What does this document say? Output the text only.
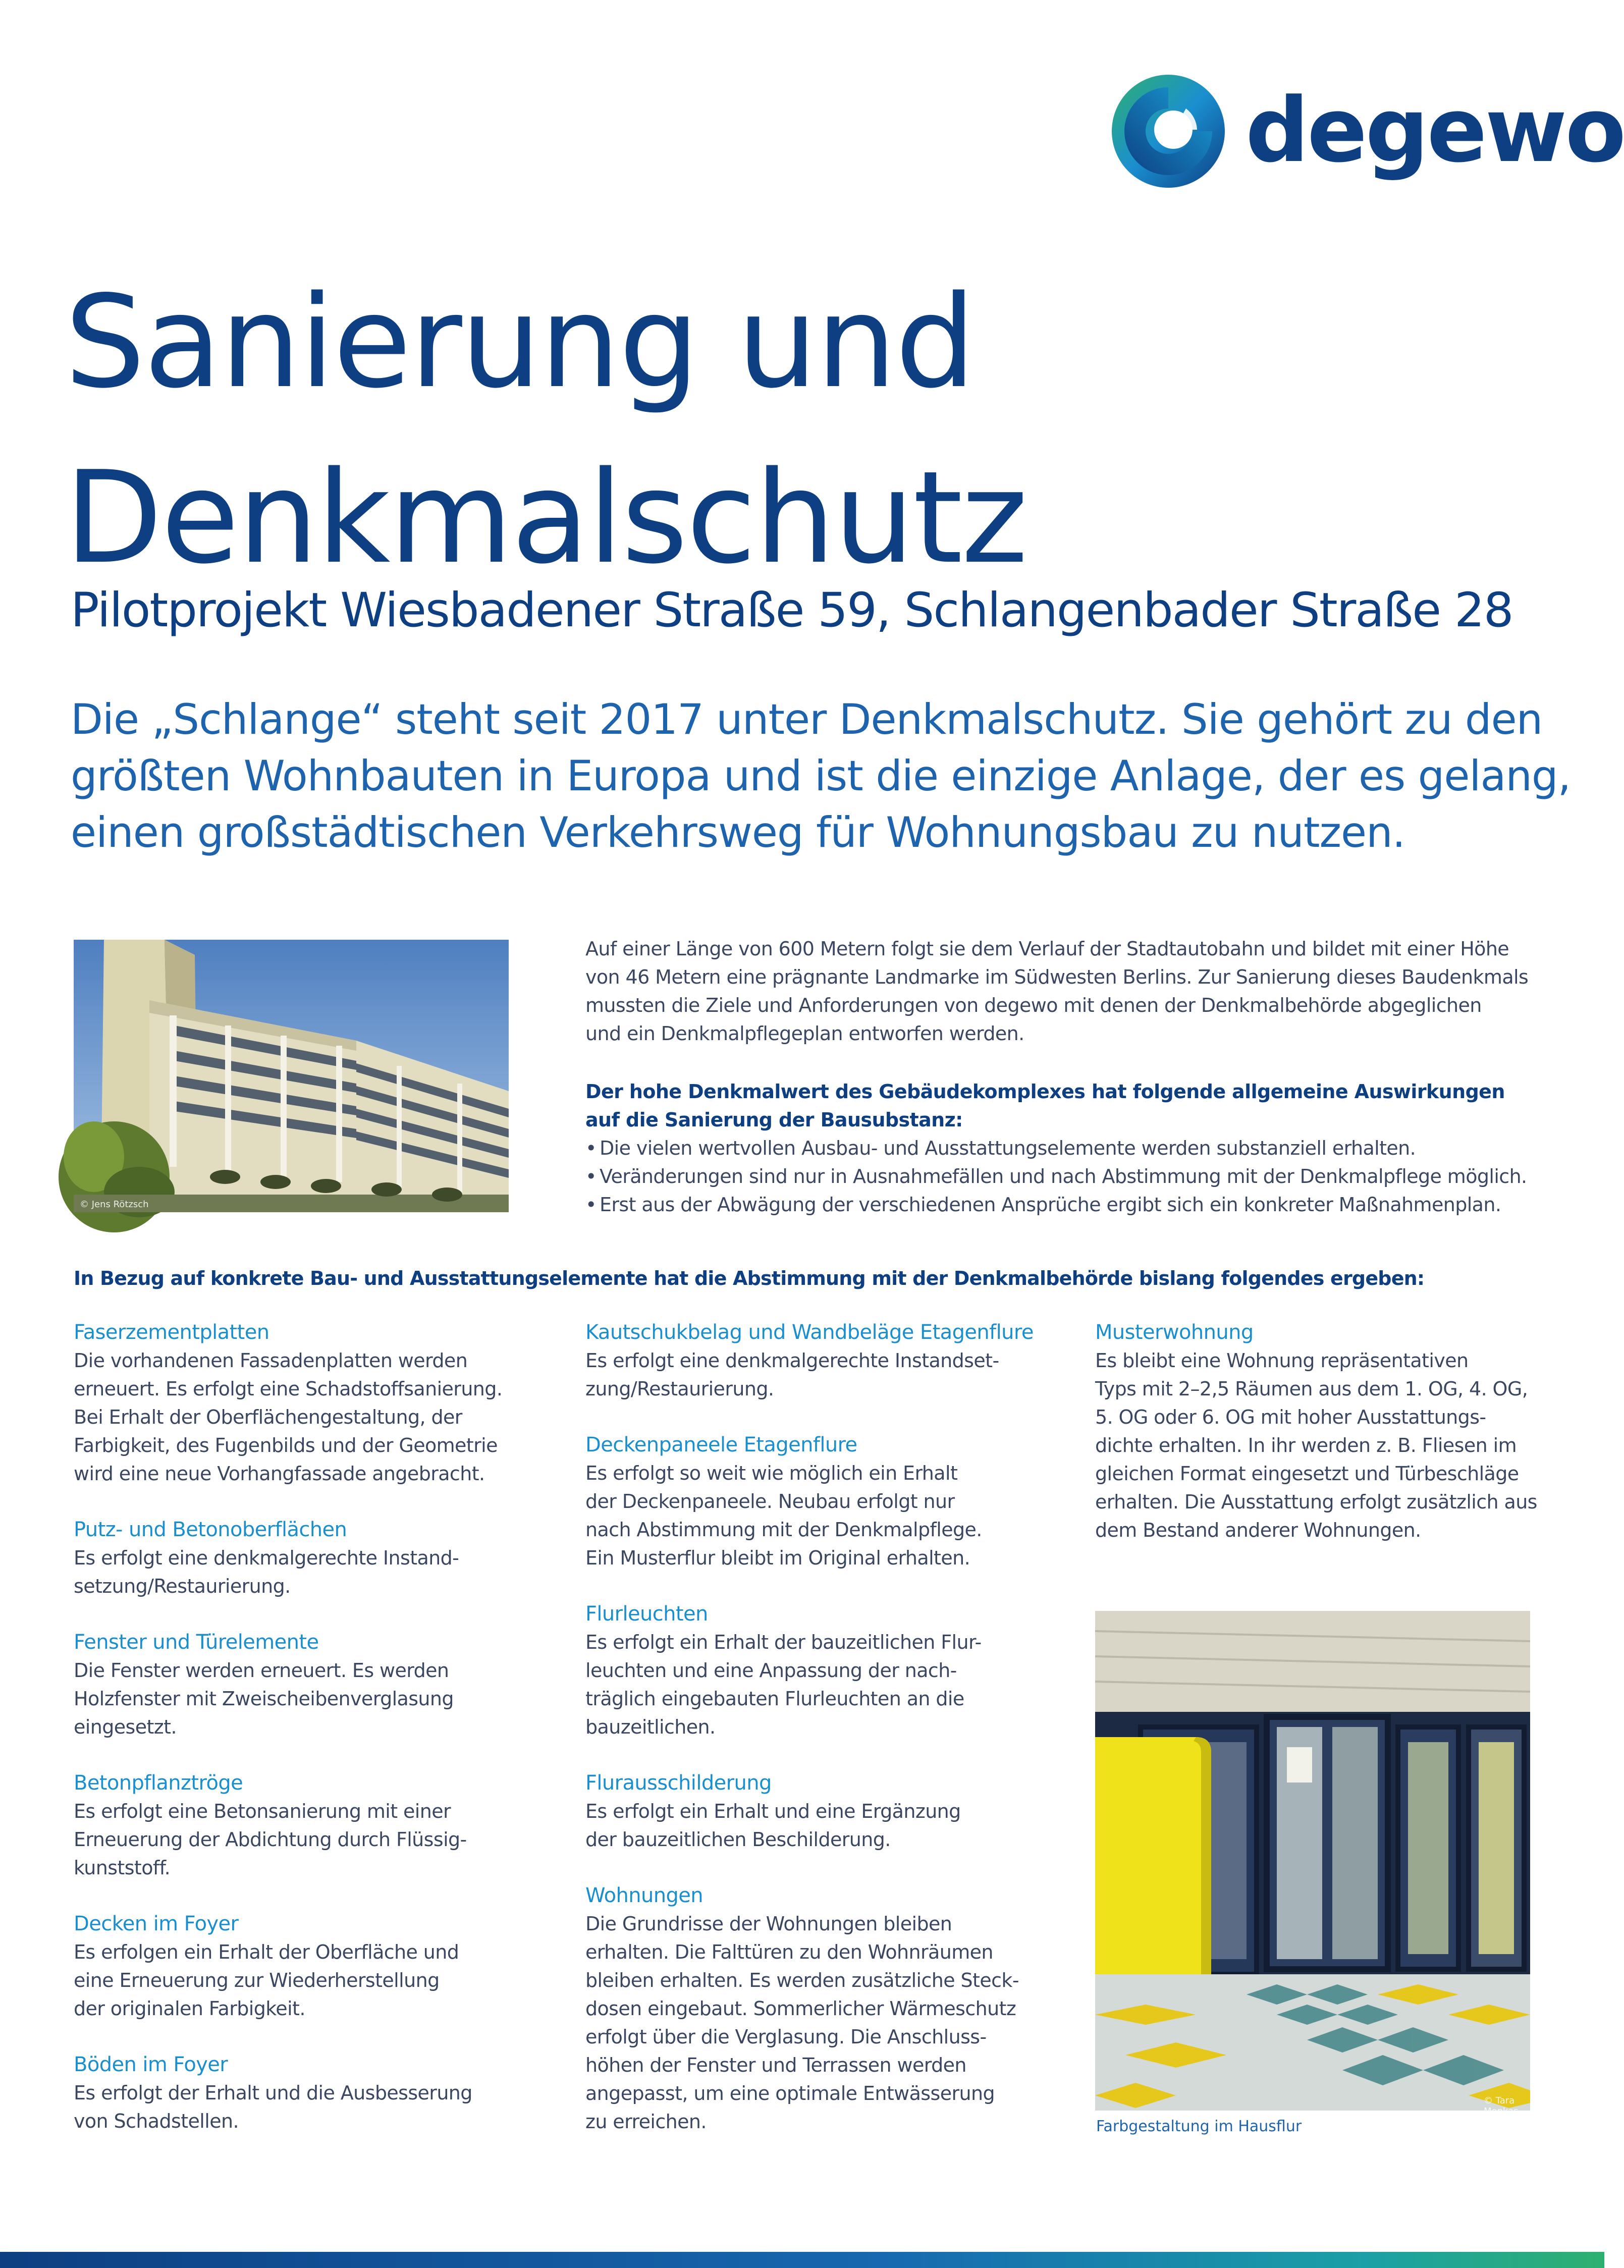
degewo
Sanierung und
Denkmalschutz
Pilotprojekt Wiesbadener Straße 59, Schlangenbader Straße 28
Die „Schlange“ steht seit 2017 unter Denkmalschutz. Sie gehört zu den
größten Wohnbauten in Europa und ist die einzige Anlage, der es gelang,
einen großstädtischen Verkehrsweg für Wohnungsbau zu nutzen.
© Jens Rötzsch
Auf einer Länge von 600 Metern folgt sie dem Verlauf der Stadtautobahn und bildet mit einer Höhe
von 46 Metern eine prägnante Landmarke im Südwesten Berlins. Zur Sanierung dieses Baudenkmals
mussten die Ziele und Anforderungen von degewo mit denen der Denkmalbehörde abgeglichen
und ein Denkmalpflegeplan entworfen werden.
Der hohe Denkmalwert des Gebäudekomplexes hat folgende allgemeine Auswirkungen
auf die Sanierung der Bausubstanz:
• Die vielen wertvollen Ausbau- und Ausstattungselemente werden substanziell erhalten.
• Veränderungen sind nur in Ausnahmefällen und nach Abstimmung mit der Denkmalpflege möglich.
• Erst aus der Abwägung der verschiedenen Ansprüche ergibt sich ein konkreter Maßnahmenplan.
In Bezug auf konkrete Bau- und Ausstattungselemente hat die Abstimmung mit der Denkmalbehörde bislang folgendes ergeben:
Faserzementplatten
Die vorhandenen Fassadenplatten werden
erneuert. Es erfolgt eine Schadstoffsanierung.
Bei Erhalt der Oberflächengestaltung, der
Farbigkeit, des Fugenbilds und der Geometrie
wird eine neue Vorhangfassade angebracht.
Putz- und Betonoberflächen
Es erfolgt eine denkmalgerechte Instand-
setzung/Restaurierung.
Fenster und Türelemente
Die Fenster werden erneuert. Es werden
Holzfenster mit Zweischeibenverglasung
eingesetzt.
Betonpflanztröge
Es erfolgt eine Betonsanierung mit einer
Erneuerung der Abdichtung durch Flüssig-
kunststoff.
Decken im Foyer
Es erfolgen ein Erhalt der Oberfläche und
eine Erneuerung zur Wiederherstellung
der originalen Farbigkeit.
Böden im Foyer
Es erfolgt der Erhalt und die Ausbesserung
von Schadstellen.
Kautschukbelag und Wandbeläge Etagenflure
Es erfolgt eine denkmalgerechte Instandset-
zung/Restaurierung.
Deckenpaneele Etagenflure
Es erfolgt so weit wie möglich ein Erhalt
der Deckenpaneele. Neubau erfolgt nur
nach Abstimmung mit der Denkmalpflege.
Ein Musterflur bleibt im Original erhalten.
Flurleuchten
Es erfolgt ein Erhalt der bauzeitlichen Flur-
leuchten und eine Anpassung der nach-
träglich eingebauten Flurleuchten an die
bauzeitlichen.
Flurausschilderung
Es erfolgt ein Erhalt und eine Ergänzung
der bauzeitlichen Beschilderung.
Wohnungen
Die Grundrisse der Wohnungen bleiben
erhalten. Die Falttüren zu den Wohnräumen
bleiben erhalten. Es werden zusätzliche Steck-
dosen eingebaut. Sommerlicher Wärmeschutz
erfolgt über die Verglasung. Die Anschluss-
höhen der Fenster und Terrassen werden
angepasst, um eine optimale Entwässerung
zu erreichen.
Musterwohnung
Es bleibt eine Wohnung repräsentativen
Typs mit 2–2,5 Räumen aus dem 1. OG, 4. OG,
5. OG oder 6. OG mit hoher Ausstattungs-
dichte erhalten. In ihr werden z. B. Fliesen im
gleichen Format eingesetzt und Türbeschläge
erhalten. Die Ausstattung erfolgt zusätzlich aus
dem Bestand anderer Wohnungen.
© Tara Menkas
Farbgestaltung im Hausflur
